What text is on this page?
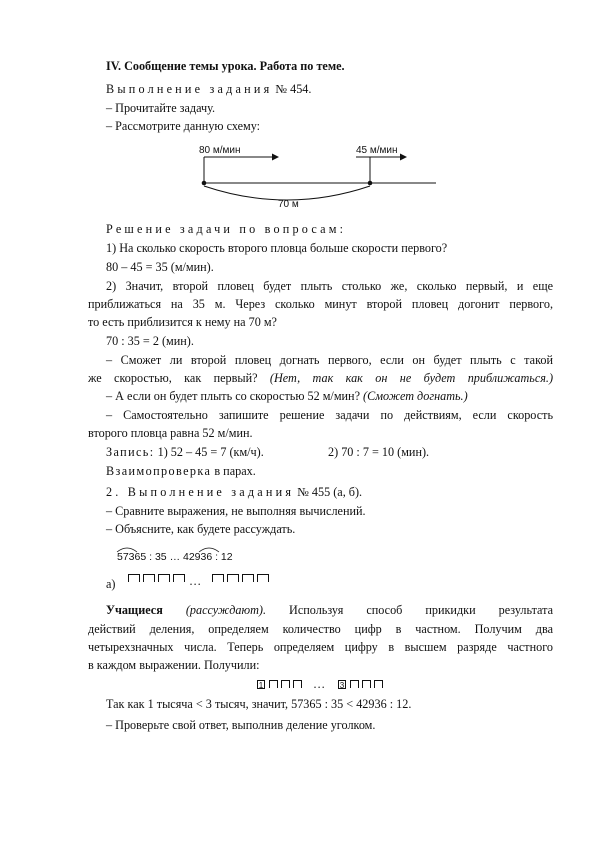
IV. Сообщение темы урока. Работа по теме.
Выполнение задания № 454.
– Прочитайте задачу.
– Рассмотрите данную схему:
80 м/мин	45 м/мин
70 м
Решение задачи по вопросам:
1) На сколько скорость второго пловца больше скорости первого?
80 – 45 = 35 (м/мин).
2) Значит, второй пловец будет плыть столько же, сколько первый, и еще
приближаться на 35 м. Через сколько минут второй пловец догонит первого,
то есть приблизится к нему на 70 м?
70 : 35 = 2 (мин).
– Сможет ли второй пловец догнать первого, если он будет плыть с такой
же скоростью, как первый? (Нет, так как он не будет приближаться.)
– А если он будет плыть со скоростью 52 м/мин? (Сможет догнать.)
– Самостоятельно запишите решение задачи по действиям, если скорость
второго пловца равна 52 м/мин.
Запись: 1) 52 – 45 = 7 (км/ч).	2) 70 : 7 = 10 (мин).
Взаимопроверка в парах.
2. Выполнение задания № 455 (а, б).
– Сравните выражения, не выполняя вычислений.
– Объясните, как будете рассуждать.
57365 : 35 … 42936 : 12
а)	…
Учащиеся (рассуждают). Используя способ прикидки результата
действий деления, определяем количество цифр в частном. Получим два
четырехзначных числа. Теперь определяем цифру в высшем разряде частного
в каждом выражении. Получили:
1	… 3
Так как 1 тысяча < 3 тысяч, значит, 57365 : 35 < 42936 : 12.
– Проверьте свой ответ, выполнив деление уголком.
